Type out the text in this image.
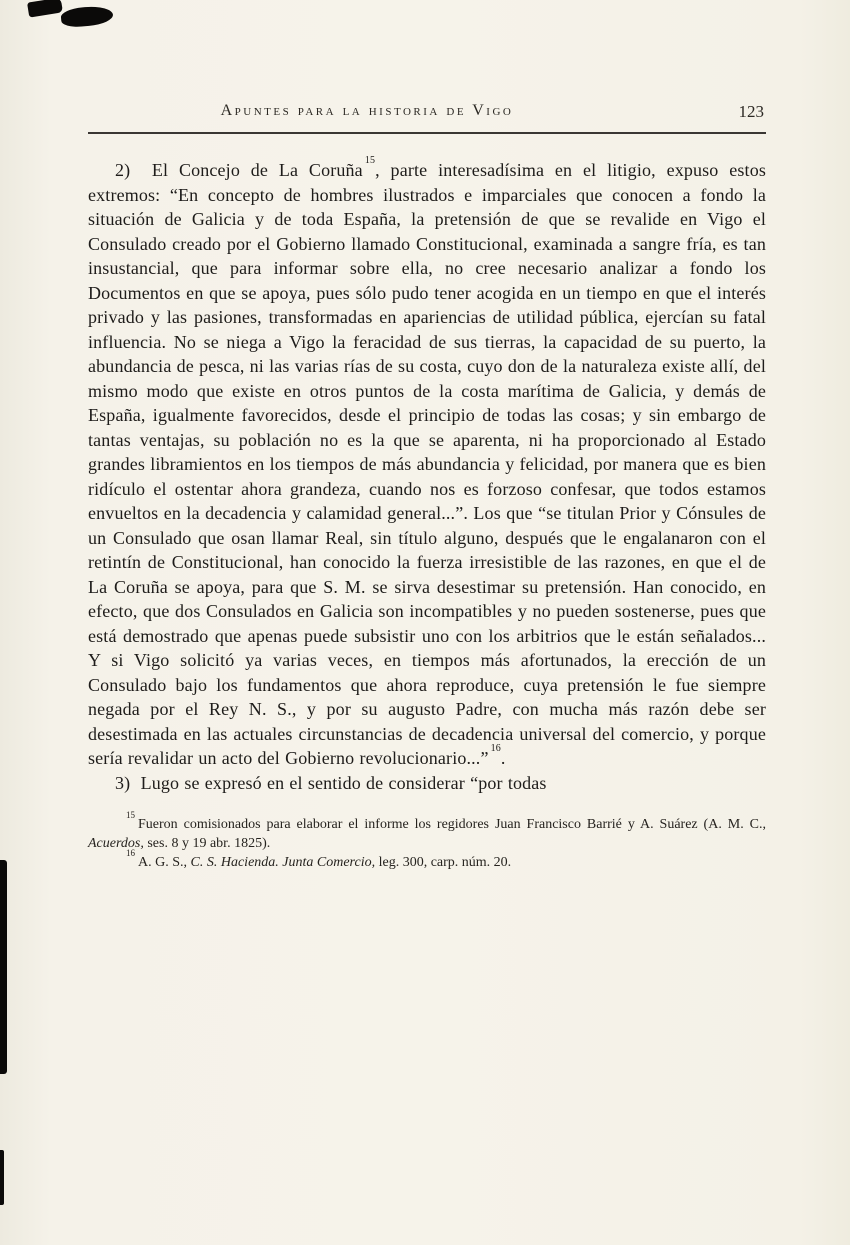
Apuntes para la historia de Vigo	123

2)  El Concejo de La Coruña $^{15}$, parte interesadísima en el litigio, expuso estos extremos: “En concepto de hombres ilustrados e imparciales que conocen a fondo la situación de Galicia y de toda España, la pretensión de que se revalide en Vigo el Consulado creado por el Gobierno llamado Constitucional, examinada a sangre fría, es tan insustancial, que para informar sobre ella, no cree necesario analizar a fondo los Documentos en que se apoya, pues sólo pudo tener acogida en un tiempo en que el interés privado y las pasiones, transformadas en apariencias de utilidad pública, ejercían su fatal influencia. No se niega a Vigo la feracidad de sus tierras, la capacidad de su puerto, la abundancia de pesca, ni las varias rías de su costa, cuyo don de la naturaleza existe allí, del mismo modo que existe en otros puntos de la costa marítima de Galicia, y demás de España, igualmente favorecidos, desde el principio de todas las cosas; y sin embargo de tantas ventajas, su población no es la que se aparenta, ni ha proporcionado al Estado grandes libramientos en los tiempos de más abundancia y felicidad, por manera que es bien ridículo el ostentar ahora grandeza, cuando nos es forzoso confesar, que todos estamos envueltos en la decadencia y calamidad general...”. Los que “se titulan Prior y Cónsules de un Consulado que osan llamar Real, sin título alguno, después que le engalanaron con el retintín de Constitucional, han conocido la fuerza irresistible de las razones, en que el de La Coruña se apoya, para que S. M. se sirva desestimar su pretensión. Han conocido, en efecto, que dos Consulados en Galicia son incompatibles y no pueden sostenerse, pues que está demostrado que apenas puede subsistir uno con los arbitrios que le están señalados... Y si Vigo solicitó ya varias veces, en tiempos más afortunados, la erección de un Consulado bajo los fundamentos que ahora reproduce, cuya pretensión le fue siempre negada por el Rey N. S., y por su augusto Padre, con mucha más razón debe ser desestimada en las actuales circunstancias de decadencia universal del comercio, y porque sería revalidar un acto del Gobierno revolucionario...” $^{16}$.

3)  Lugo se expresó en el sentido de considerar “por todas

$^{15}$Fueron comisionados para elaborar el informe los regidores Juan Francisco Barrié y A. Suárez (A. M. C., Acuerdos, ses. 8 y 19 abr. 1825).

$^{16}$A. G. S., C. S. Hacienda. Junta Comercio, leg. 300, carp. núm. 20.
